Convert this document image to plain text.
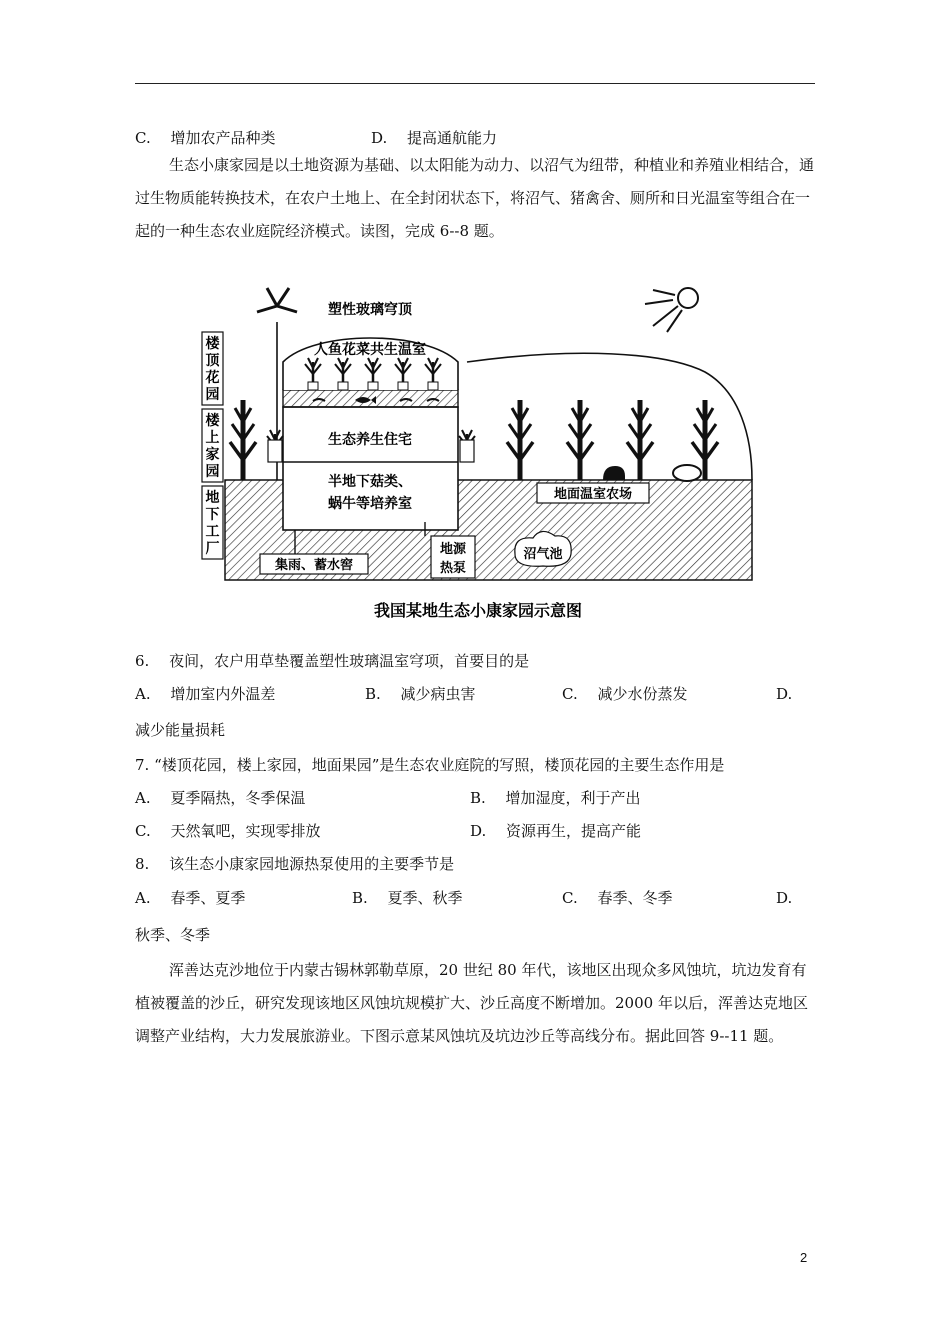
C.　 增加农产品种类	D.　 提高通航能力
生态小康家园是以土地资源为基础、以太阳能为动力、以沼气为纽带，种植业和养殖业相结合，通过生物质能转换技术，在农户土地上、在全封闭状态下，将沼气、猪禽舍、厕所和日光温室等组合在一起的一种生态农业庭院经济模式。读图，完成 6--8 题。
塑性玻璃穹顶
人鱼花菜共生温室
生态养生住宅
半地下菇类、
蜗牛等培养室
地面温室农场
集雨、蓄水窖
地源
热泵
沼气池
楼顶花园
楼上家园
地下工厂
我国某地生态小康家园示意图
6.　 夜间，农户用草垫覆盖塑性玻璃温室穹项，首要目的是
A.　 增加室内外温差	B.　 减少病虫害	C.　 减少水份蒸发	D.
减少能量损耗
7. “楼顶花园，楼上家园，地面果园”是生态农业庭院的写照，楼顶花园的主要生态作用是
A.　 夏季隔热，冬季保温	B.　 增加湿度，利于产出
C.　 天然氧吧，实现零排放	D.　 资源再生，提高产能
8.　 该生态小康家园地源热泵使用的主要季节是
A.　 春季、夏季	B.　 夏季、秋季	C.　 春季、冬季	D.
秋季、冬季
浑善达克沙地位于内蒙古锡林郭勒草原，20 世纪 80 年代，该地区出现众多风蚀坑，坑边发育有植被覆盖的沙丘，研究发现该地区风蚀坑规模扩大、沙丘高度不断增加。2000 年以后，浑善达克地区调整产业结构，大力发展旅游业。下图示意某风蚀坑及坑边沙丘等高线分布。据此回答 9--11 题。
2
